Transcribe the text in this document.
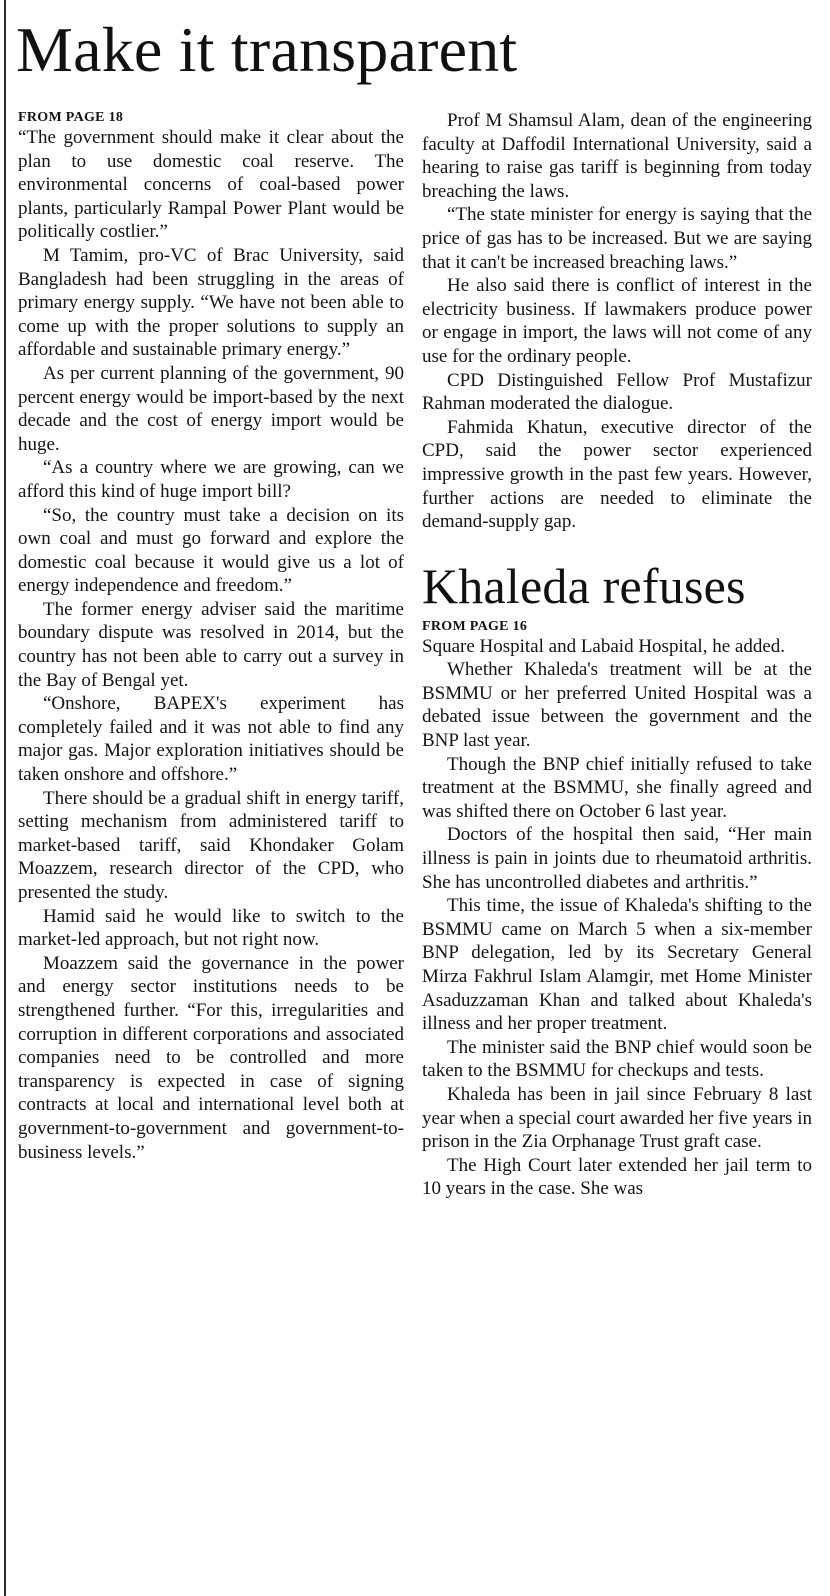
Make it transparent

FROM PAGE 18

“The government should make it clear about the plan to use domestic coal reserve. The environmental concerns of coal-based power plants, particularly Rampal Power Plant would be politically costlier.”

M Tamim, pro-VC of Brac University, said Bangladesh had been struggling in the areas of primary energy supply. “We have not been able to come up with the proper solutions to supply an affordable and sustainable primary energy.”

As per current planning of the government, 90 percent energy would be import-based by the next decade and the cost of energy import would be huge.

“As a country where we are growing, can we afford this kind of huge import bill?

“So, the country must take a decision on its own coal and must go forward and explore the domestic coal because it would give us a lot of energy independence and freedom.”

The former energy adviser said the maritime boundary dispute was resolved in 2014, but the country has not been able to carry out a survey in the Bay of Bengal yet.

“Onshore, BAPEX's experiment has completely failed and it was not able to find any major gas. Major exploration initiatives should be taken onshore and offshore.”

There should be a gradual shift in energy tariff, setting mechanism from administered tariff to market-based tariff, said Khondaker Golam Moazzem, research director of the CPD, who presented the study.

Hamid said he would like to switch to the market-led approach, but not right now.

Moazzem said the governance in the power and energy sector institutions needs to be strengthened further. “For this, irregularities and corruption in different corporations and associated companies need to be controlled and more transparency is expected in case of signing contracts at local and international level both at government-to-government and government-to-business levels.”

Prof M Shamsul Alam, dean of the engineering faculty at Daffodil International University, said a hearing to raise gas tariff is beginning from today breaching the laws.

“The state minister for energy is saying that the price of gas has to be increased. But we are saying that it can't be increased breaching laws.”

He also said there is conflict of interest in the electricity business. If lawmakers produce power or engage in import, the laws will not come of any use for the ordinary people.

CPD Distinguished Fellow Prof Mustafizur Rahman moderated the dialogue.

Fahmida Khatun, executive director of the CPD, said the power sector experienced impressive growth in the past few years. However, further actions are needed to eliminate the demand-supply gap.

Khaleda refuses

FROM PAGE 16

Square Hospital and Labaid Hospital, he added.

Whether Khaleda's treatment will be at the BSMMU or her preferred United Hospital was a debated issue between the government and the BNP last year.

Though the BNP chief initially refused to take treatment at the BSMMU, she finally agreed and was shifted there on October 6 last year.

Doctors of the hospital then said, “Her main illness is pain in joints due to rheumatoid arthritis. She has uncontrolled diabetes and arthritis.”

This time, the issue of Khaleda's shifting to the BSMMU came on March 5 when a six-member BNP delegation, led by its Secretary General Mirza Fakhrul Islam Alamgir, met Home Minister Asaduzzaman Khan and talked about Khaleda's illness and her proper treatment.

The minister said the BNP chief would soon be taken to the BSMMU for checkups and tests.

Khaleda has been in jail since February 8 last year when a special court awarded her five years in prison in the Zia Orphanage Trust graft case.

The High Court later extended her jail term to 10 years in the case. She was
